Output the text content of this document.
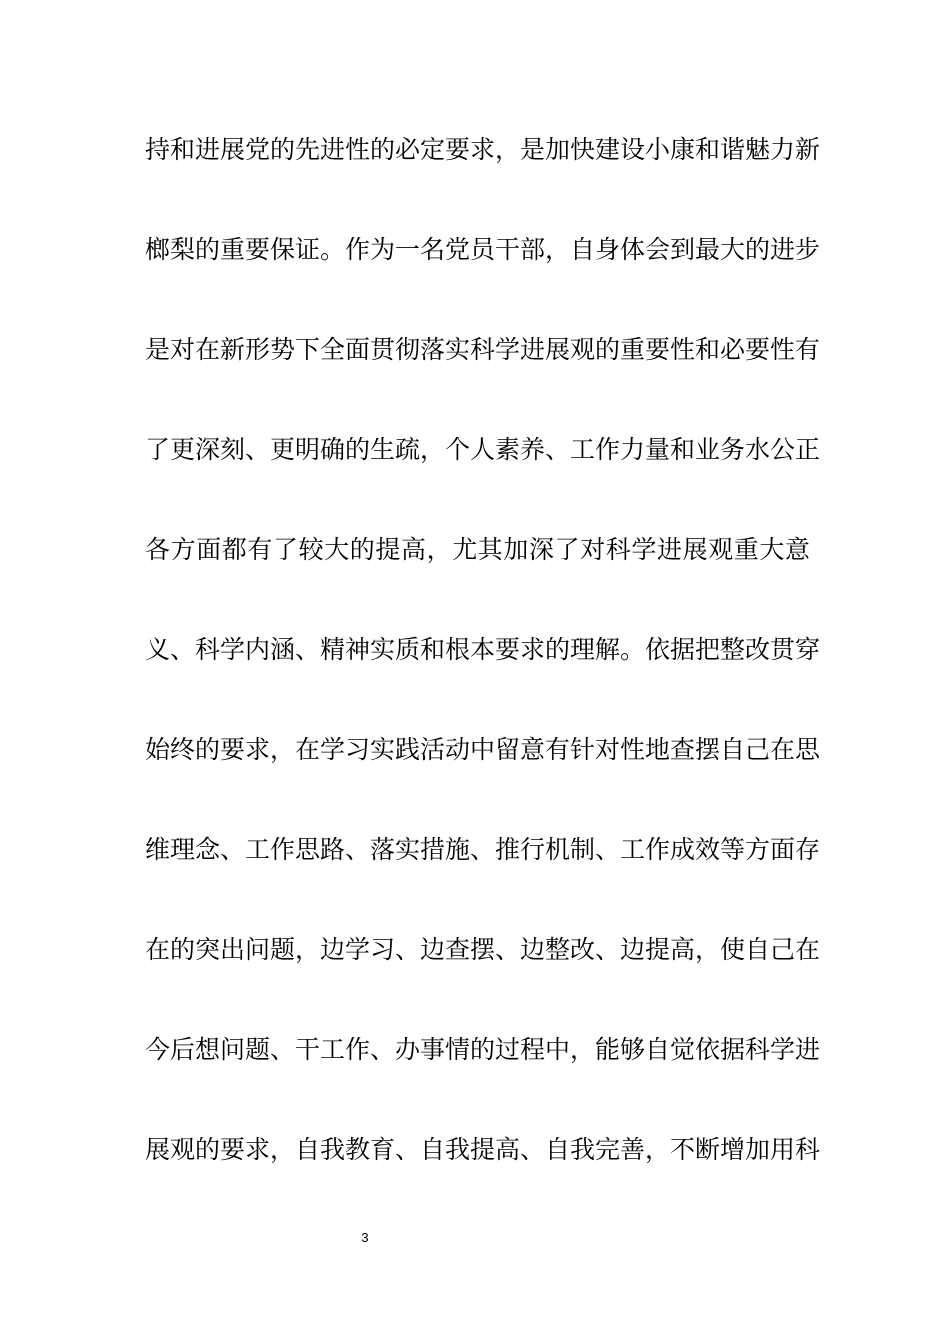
持和进展党的先进性的必定要求，是加快建设小康和谐魅力新
榔梨的重要保证。作为一名党员干部，自身体会到最大的进步
是对在新形势下全面贯彻落实科学进展观的重要性和必要性有
了更深刻、更明确的生疏，个人素养、工作力量和业务水公正
各方面都有了较大的提高，尤其加深了对科学进展观重大意
义、科学内涵、精神实质和根本要求的理解。依据把整改贯穿
始终的要求，在学习实践活动中留意有针对性地查摆自己在思
维理念、工作思路、落实措施、推行机制、工作成效等方面存
在的突出问题，边学习、边查摆、边整改、边提高，使自己在
今后想问题、干工作、办事情的过程中，能够自觉依据科学进
展观的要求，自我教育、自我提高、自我完善，不断增加用科
3
